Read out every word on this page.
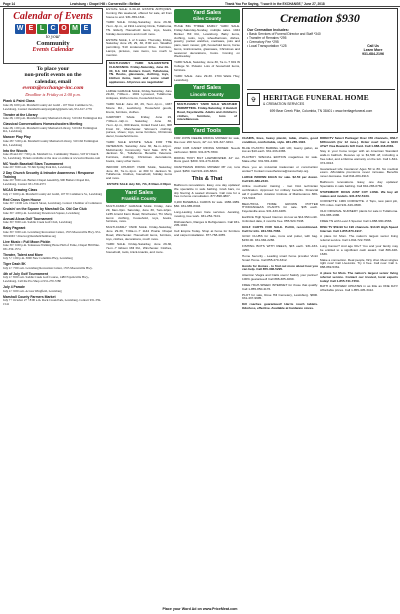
Page 14	Lewisburg • Chapel Hill • Cornersville • Belfast	Thank You For Saying, "I saw it in the EXCHANGE," June 27, 2018
Calendar of Events
W E L C O M E
to your
Community
Events Calendar
To place your
non-profit events on the
calendar, email
events@exchange-inc.com
Deadline is Friday at 2:00 p.m.
Plank & Paint Class
June 28, 6:00 p.m. Marshall County Art Guild - 107 West Commerce St., Lewisburg. Contact marshallcountyartguild@gmail.com, 931-617-1776
Theatre at the Library
June 28, 1:00 p.m. Marshall County Memorial Library, 310 Old Farmington Rd.
Classical Conversations Homeschoolers Meeting
June 28, 1:00 p.m. Marshall County Memorial Library, 310 Old Farmington Rd., Lewisburg
Mancer Play Play
June 28 • 5:00 p.m. Marshall County Memorial Library, 310 Old Farmington Rd., Lewisburg
Into the Woods
June 28 and 29 • 7:00 p.m. Marshall Co. Community Theatre, 518 W Church St., Lewisburg. Tickets available at the door or online at www.mcctheatre.com
MC Youth Baseball Stars Tournament
June 29 • 8:00 a.m. 70 Jim Spring Park Rd., Lewisburg
2 Day Church Security & Intruder Awareness / Response Training
June 29 • 8:00 a.m. Butlers Chapel Assembly, 900 Butlers Chapel Rd., Lewisburg. Contact 931-359-4373
MCAS Drawing Class
July 2 • 6:00 p.m. Marshall County Art Guild, 107 W Commerce St., Lewisburg
Red Cross Open House
June 30 • 10:00 a.m. Church Street, Lewisburg. Contact Chamber of Commerce
Cruisin' on the Square by Marshall Co. Old Car Club
June 30 • 4:00 p.m. Lewisburg Downtown Square, Lewisburg
Annual Alcoa Golf Tournament
June 30 • 8:00 a.m. Saddle Creek Golf Club, Lewisburg
Baby Pageant
June 30 • 9:00 a.m. Lewisburg Recreation Center, 1555 Mooresville Hwy. 931-359-9663 • director@marshallchamber.org
Live Music • Full Moon Pickin
June 30 • 6:00 p.m. Tennessee Walking Horse Hall of Fame, Chapel Hill Pike. 931-359-1574
Theatre, Talent and More
July 5 • 1:00 p.m. 3000 New Columbia Hwy, Lewisburg
Tiger Dash 5K
July 4 • 7:00 a.m. Lewisburg Recreation Center, 1555 Mooresville Hwy.
4th of July Golf Tournament
July 4 • 8:00 a.m. Saddle Creek Golf Course, 1480 Fayetteville Hwy., Lewisburg. Call the Pro Shop at 931-270-7280
July 4 Parade
July 4 • 9:00 a.m. Across Wingfield, Lewisburg
Marshall County Farmers Market
July 7 • October 27 • 8:00 a.m. Rock Creek Park, Lewisburg. Contact 931-359-1541
ESTATE SALE: 6-30-18. ESTATE ANTIQUES. Coming this weekend, offered for sale, all from house to end. 931-359-1611.
YARD SALE. Friday-Saturday, June 29-30, 7a.m.-3p.m., at 1911 Lanning Circle, Tullahoma, TN. Elderly Household items, toys, books, holiday decorations and much more.
ESTATE SALE, 1 of 3 sales. Thursday, Friday, Saturday June 28, 29, 30, 8:00 a.m. Weather permitting. 510 Lindenwood Drive. Furniture, Lamps, pictures, new items, too much to mention.
MULTI-FAMILY YARD SALE/ESTATE CLEARANCE. Friday-Saturday, June 29-30, 8-3. 103 Hunters Court, Tullahoma, TN. Books, glassware, clothing, toys, kitchen items, lawn and some small appliances. All prices are negotiable!
LARGE GARAGE SALE, Friday-Saturday, June 29-30, 7:00a.m.- 1901 Lynwood, Tullahoma. Antiques, kitchen items, household items.
YARD SALE: June 28, 29, 7a.m.-1p.m., 1037 Moore Rd., Lewisburg. Household goods, linens, furniture, clothes.
CARPORT SALE. Friday, June 29, 7:00a.m.-12p.m. Saturday, June 30, 7a.m.-1p.m., 600 Evans, United Food Lion, 308 Frost Dr., Manchester. Women's clothing, purses, shoes; toys, some furniture, Christmas decor, household items.
YARD SALE ESTATE SALE FOR THE VETERANS. Saturday June 30, 8a.m.-12p.m. Multi-Family Community Yard Sale. 870 N. Jackson St., Tullahoma. Benefits Veterans. Furniture, clothing, Christmas decorations, books, many other items.
INDOOR CHURCH YARD SALE, Saturday, June 30, 7a.m.-1p.m. at 300 N. Jackson St. Tullahoma. Clothes, household, holiday items and more.
ESTATE SALE July 6th, 7th, 8:00am-3:00pm
Yard Sales
Franklin County
MULTI-FAMILY GARAGE SALE. Friday, June 29, 8am-3pm. Saturday, June 30, 7am-12pm. 1235 Arnold Farm Road, Winchester, TN. Many items: clothing, household, toys, books, furniture, more.
MULTI-FAMILY YARD SALE. Friday-Saturday, June 29-30, 7:00a.m.-? 1144 Prairie Chapel Road, Winchester. Household items, furniture, toys, clothes, decorations, much more.
YARD SALE. Friday-Saturday, June 29-30, 7a.m.-? Gibson Mill Rd., Winchester. Clothes, household, tools, knick-knacks, and more.
Yard Sales
Giles County
HUGE BIG THREE FAMILY YARD SALE. Friday-Saturday-Sunday, multiple sales. 1044 Bunker Hill Rd., Lewisburg. Baby items, clothing, tools, toys, wheelbarrows, dishes, jewelry, pocket watches, cookware, pots and pans, lawn mower, grill, household items, horse items, knick-knacks, glassware, Christmas and seasonal decorations, boots. Coming on Wednesday.
YARD SALE, Saturday, June 30, 7a.m.-? 901 W College St. Pulaski. Lots of household items, furniture.
YARD SALE. June 29-30. 1704 Watts Hwy, Lewisburg.
Yard Sales
Lincoln County
MULTI-FAMILY YARD SALE WEATHER PERMITTING. Friday-Saturday, 3 Haislett Road, Fayetteville. Adults and children's clothes, furniture, tons of miscellaneous.
Yard Tools
FOR JOHN DEERE RIDING MOWER for sale, like new. 200 hours, 42" cut. 931-627-3494.
2012 CUB CADET RIDING MOWER. Needs carburetor. $600. 931-675-7800.
RIDING TROY BILT LAWNMOWER. 42" cut. Runs good. $300. 931-273-4046.
CRAFTSMAN RIDING MOWER 38" cut, runs good. $450. Call 931-246-8823.
This & That
Bathroom renovations. Easy, one day updates! We specialize in safe bathing. Grab bars, no slip flooring & seated showers. Call now for a free in-home consultation. 877-898-4807.
3,200 BASEBALL CARDS for sale. 1986-1989. $60. 931-685-8303.
Long-Lasting Lawn Care services. Aerating, mowing, tree work. 931-252-7101.
Dishwashers, Ranges & Refrigerators. Call 931-205-1010.
Cell Empire Today. Shop at home for furniture and carpet installation. 877-768-4455.
Cremation $930
Our Cremation Includes:
• Basic Services of Funeral Director and Staff *340
• Transfer of Remains *295
• Crematory Fee *295
• Local Transportation *125	Call Us
Learn More
931-684-2196
✞ HERITAGE FUNERAL HOME
& CREMATION SERVICES
699 Bear Creek Pike, Columbia, TN 38401 • www.heritagefuneral.com
CHAIRS, lines, heavy plastic, table, chairs, good condition, comfortable, style. 931-285-1023.
BLUE PLASTIC BARREL with LID, twenty gallon, as low as $10 each. 931-433-2386.
PLAYBOY SPECIAL EDITION magazines for sale. Make offer. 931-581-4400.
Were you an industrial tradesman or construction worker? Contact mesothelioma@cancerhelp.org.
LARGE BROWN EGGS for sale. $2.50 per dozen. Call 931-389-2440.
Airline mechanic training - Get FAA technician certification. Approved for military benefits. Financial aid if qualified. Aviation Institute of Maintenance 866-724-5403.
BEAUTIFUL HOME GROWN POTTED HYDRANGEAS PLANTS for sale. $35 each. Fayetteville area. 931-433-4286.
Earthlink High Speed Internet. As low as $14.95/month. Unlimited data, 2 months free. 855-520-7938.
GOLF CARTS FOR SALE. Pollitt, reconditioned. Call for info. 931-581-7066.
GOLF CLUBS for sale, irons and putter, with bag. $150.00. 931-684-2286.
FISHING BOTS WITH REELS, $15 each. 931-433-4250.
Home Security - Leading smart home provider Vivint Smart Home. Call 855-270-3312.
Hondo for Homes - to find out more about how you can help. Call 855-308-5295.
Attention Viagra and Cialis users! Satisfy your partner! 100% guaranteed! Call 888-385-4099.
FREE HIGH-SPEED INTERNET for those that qualify. Call 1-855-850-4176.
PLOT for sale, Rose Hill Cemetery, Lewisburg. $800. 931-437-9995.
Kill roaches guaranteed! Harris roach tablets. Odorless, effective. Available at hardware stores.
DIRECTV Select Package! Over 150 channels, ONLY $35/month (for 12 mos.). Order now! Get a $100 AT&T Visa Rewards Gift Card. Call 1-888-418-2081.
Stay in your home longer with an American Standard walk-in bathtub. Receive up to $1,500 off, including a free toilet, and a lifetime warranty on the tub. Call 1-844-374-0013.
Guaranteed Life Insurance! Ages 50 to 80. No medical exam. Affordable premiums never increase. Benefits never decrease. Call 844-284-4913.
Bathroom renovations. Easy, one day updates! Specialize in safe bathing. Call 844-286-0784.
STATEMENT: DOGS JUST CUT LOSE. We buy all makes and models. 931-672-5133.
CORVETTE: 1969 CORVETTE. 2 Tops, new paint job, 57K miles. Call 931-349-4568.
OLD ORIGINAL NURSERY plants for sale in Tullahoma. 931-685-1986.
FREE TN with Level 3 Special. Call 1-888-990-4566.
DISH TV $59.99 for 190 channels. $14.95 High Speed Internet. Call 1-855-870-1917.
A place for Mom. The nation's largest senior living referral service. Call 1-844-722-7993.
Lung Cancer? And age 60+? You and your family may be entitled to a significant cash award. Call 866-428-1639.
Make a connection. Real people, flirty chat. Meet singles right now! Call LiveLinks. Try it free. Call now: Call 1-888-869-5361.
A place for Mom. The nation's largest senior living referral service. Contact our trusted, local experts today! Call 1-855-741-7459.
BATH & SHOWER UPDATES in as little as ONE DAY! Affordable prices. Call 1-855-405-3412.
Place your Word Ad on www.PriceMeat.com
